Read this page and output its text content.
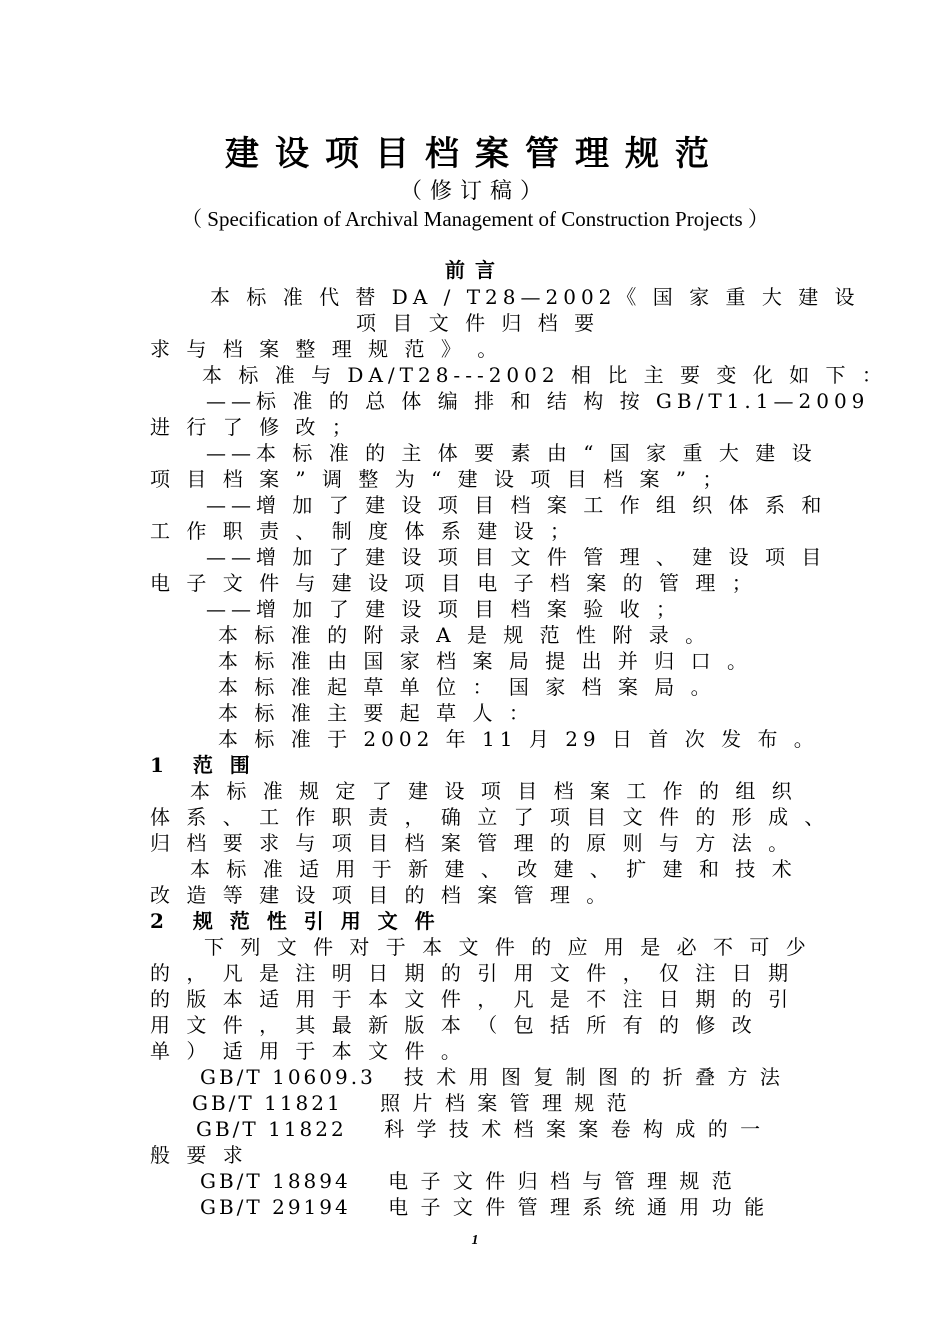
建设项目档案管理规范
（修订稿）
（ Specification of Archival Management of Construction Projects ）
前言
本 标 准 代 替 DA / T28—2002《 国 家 重 大 建 设
项 目 文 件 归 档 要
求 与 档 案 整 理 规 范 》 。
本 标 准 与 DA/T28---2002 相 比 主 要 变 化 如 下 ：
——标 准 的 总 体 编 排 和 结 构 按 GB/T1.1—2009
进 行 了 修 改 ；
——本 标 准 的 主 体 要 素 由 “ 国 家 重 大 建 设
项 目 档 案 ” 调 整 为 “ 建 设 项 目 档 案 ” ；
——增 加 了 建 设 项 目 档 案 工 作 组 织 体 系 和
工 作 职 责 、 制 度 体 系 建 设 ；
——增 加 了 建 设 项 目 文 件 管 理 、 建 设 项 目
电 子 文 件 与 建 设 项 目 电 子 档 案 的 管 理 ；
——增 加 了 建 设 项 目 档 案 验 收 ；
本 标 准 的 附 录 A 是 规 范 性 附 录 。
本 标 准 由 国 家 档 案 局 提 出 并 归 口 。
本 标 准 起 草 单 位 ： 国 家 档 案 局 。
本 标 准 主 要 起 草 人 ：
本 标 准 于 2002 年 11 月 29 日 首 次 发 布 。
1  范 围
本 标 准 规 定 了 建 设 项 目 档 案 工 作 的 组 织
体 系 、 工 作 职 责 ， 确 立 了 项 目 文 件 的 形 成 、
归 档 要 求 与 项 目 档 案 管 理 的 原 则 与 方 法 。
本 标 准 适 用 于 新 建 、 改 建 、 扩 建 和 技 术
改 造 等 建 设 项 目 的 档 案 管 理 。
2  规 范 性 引 用 文 件
下 列 文 件 对 于 本 文 件 的 应 用 是 必 不 可 少
的 ， 凡 是 注 明 日 期 的 引 用 文 件 ， 仅 注 日 期
的 版 本 适 用 于 本 文 件 ， 凡 是 不 注 日 期 的 引
用 文 件 ， 其 最 新 版 本 （ 包 括 所 有 的 修 改
单 ） 适 用 于 本 文 件 。
GB/T 10609.3   技 术 用 图 复 制 图 的 折 叠 方 法
GB/T 11821    照 片 档 案 管 理 规 范
GB/T 11822    科 学 技 术 档 案 案 卷 构 成 的 一
般 要 求
GB/T 18894    电 子 文 件 归 档 与 管 理 规 范
GB/T 29194    电 子 文 件 管 理 系 统 通 用 功 能
1
